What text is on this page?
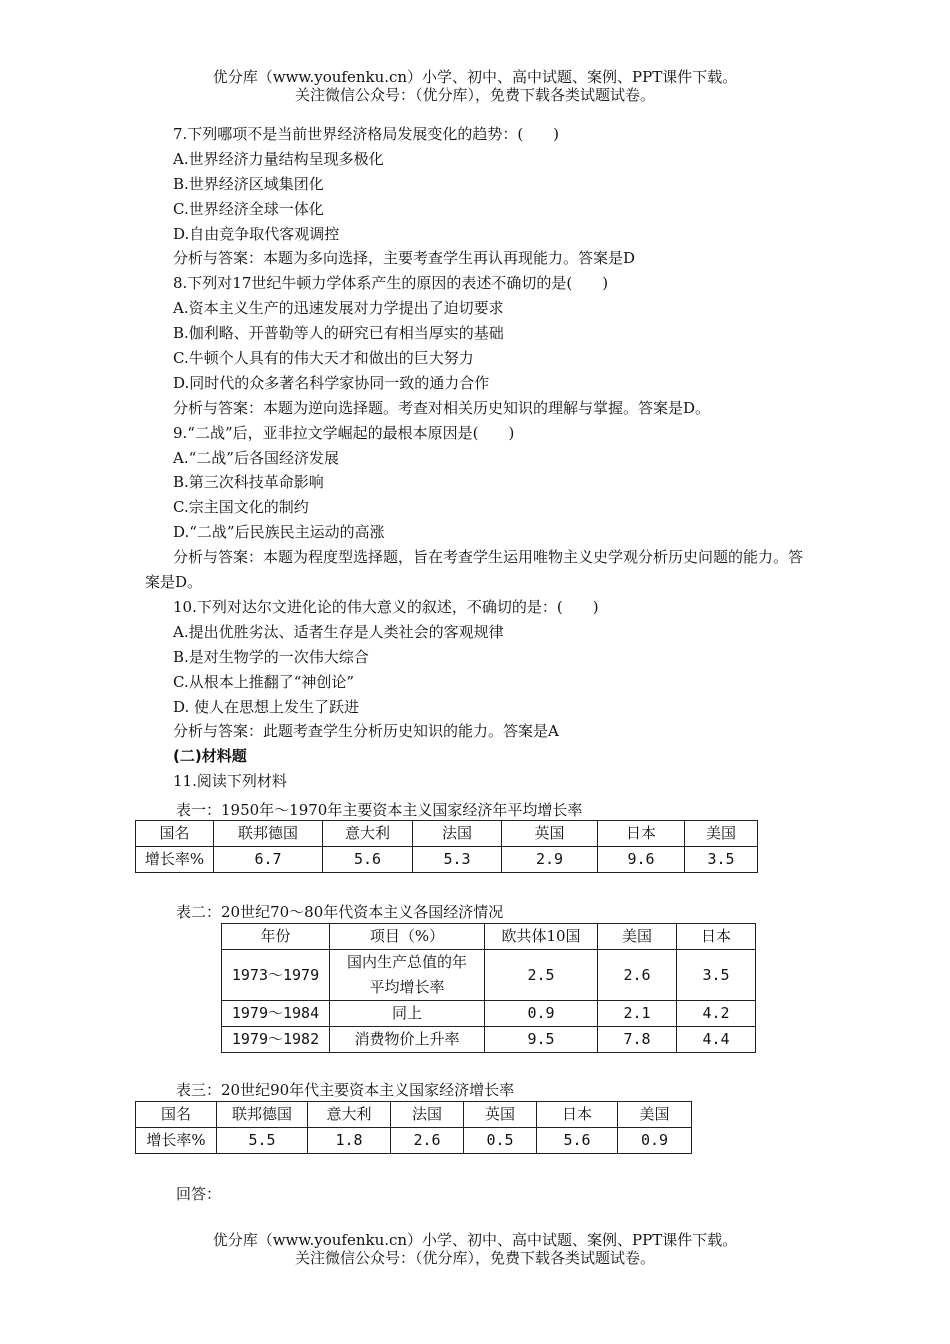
优分库（www.youfenku.cn）小学、初中、高中试题、案例、PPT课件下载。
关注微信公众号：（优分库），免费下载各类试题试卷。
7.下列哪项不是当前世界经济格局发展变化的趋势：(　　)
A.世界经济力量结构呈现多极化
B.世界经济区域集团化
C.世界经济全球一体化
D.自由竞争取代客观调控
分析与答案：本题为多向选择，主要考查学生再认再现能力。答案是D
8.下列对17世纪牛顿力学体系产生的原因的表述不确切的是(　　)
A.资本主义生产的迅速发展对力学提出了迫切要求
B.伽利略、开普勒等人的研究已有相当厚实的基础
C.牛顿个人具有的伟大天才和做出的巨大努力
D.同时代的众多著名科学家协同一致的通力合作
分析与答案：本题为逆向选择题。考查对相关历史知识的理解与掌握。答案是D。
9.“二战”后，亚非拉文学崛起的最根本原因是(　　)
A.“二战”后各国经济发展
B.第三次科技革命影响
C.宗主国文化的制约
D.“二战”后民族民主运动的高涨
分析与答案：本题为程度型选择题，旨在考查学生运用唯物主义史学观分析历史问题的能力。答案是D。
10.下列对达尔文进化论的伟大意义的叙述，不确切的是：(　　)
A.提出优胜劣汰、适者生存是人类社会的客观规律
B.是对生物学的一次伟大综合
C.从根本上推翻了“神创论”
D. 使人在思想上发生了跃进
分析与答案：此题考查学生分析历史知识的能力。答案是A
(二)材料题
11.阅读下列材料
表一：1950年～1970年主要资本主义国家经济年平均增长率
国名	联邦德国	意大利	法国	英国	日本	美国
增长率%	6.7	5.6	5.3	2.9	9.6	3.5
表二：20世纪70～80年代资本主义各国经济情况
年份	项目（%）	欧共体10国	美国	日本
1973～1979	国内生产总值的年平均增长率	2.5	2.6	3.5
1979～1984	同上	0.9	2.1	4.2
1979～1982	消费物价上升率	9.5	7.8	4.4
表三：20世纪90年代主要资本主义国家经济增长率
国名	联邦德国	意大利	法国	英国	日本	美国
增长率%	5.5	1.8	2.6	0.5	5.6	0.9
回答：
优分库（www.youfenku.cn）小学、初中、高中试题、案例、PPT课件下载。
关注微信公众号：（优分库），免费下载各类试题试卷。
